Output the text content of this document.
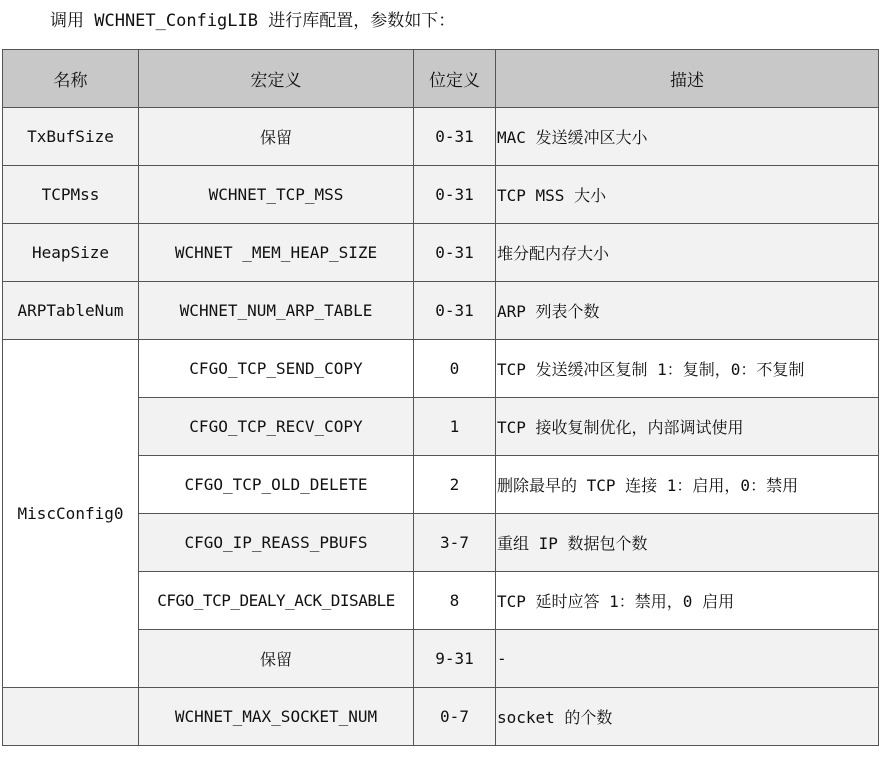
调用 WCHNET_ConfigLIB 进行库配置，参数如下：
名称	宏定义	位定义	描述
TxBufSize	保留	0-31	MAC 发送缓冲区大小
TCPMss	WCHNET_TCP_MSS	0-31	TCP MSS 大小
HeapSize	WCHNET _MEM_HEAP_SIZE	0-31	堆分配内存大小
ARPTableNum	WCHNET_NUM_ARP_TABLE	0-31	ARP 列表个数
MiscConfig0	CFGO_TCP_SEND_COPY	0	TCP 发送缓冲区复制 1：复制，0：不复制
	CFGO_TCP_RECV_COPY	1	TCP 接收复制优化，内部调试使用
	CFGO_TCP_OLD_DELETE	2	删除最早的 TCP 连接 1：启用，0：禁用
	CFGO_IP_REASS_PBUFS	3-7	重组 IP 数据包个数
	CFGO_TCP_DEALY_ACK_DISABLE	8	TCP 延时应答 1：禁用，0 启用
	保留	9-31	-
	WCHNET_MAX_SOCKET_NUM	0-7	socket 的个数
